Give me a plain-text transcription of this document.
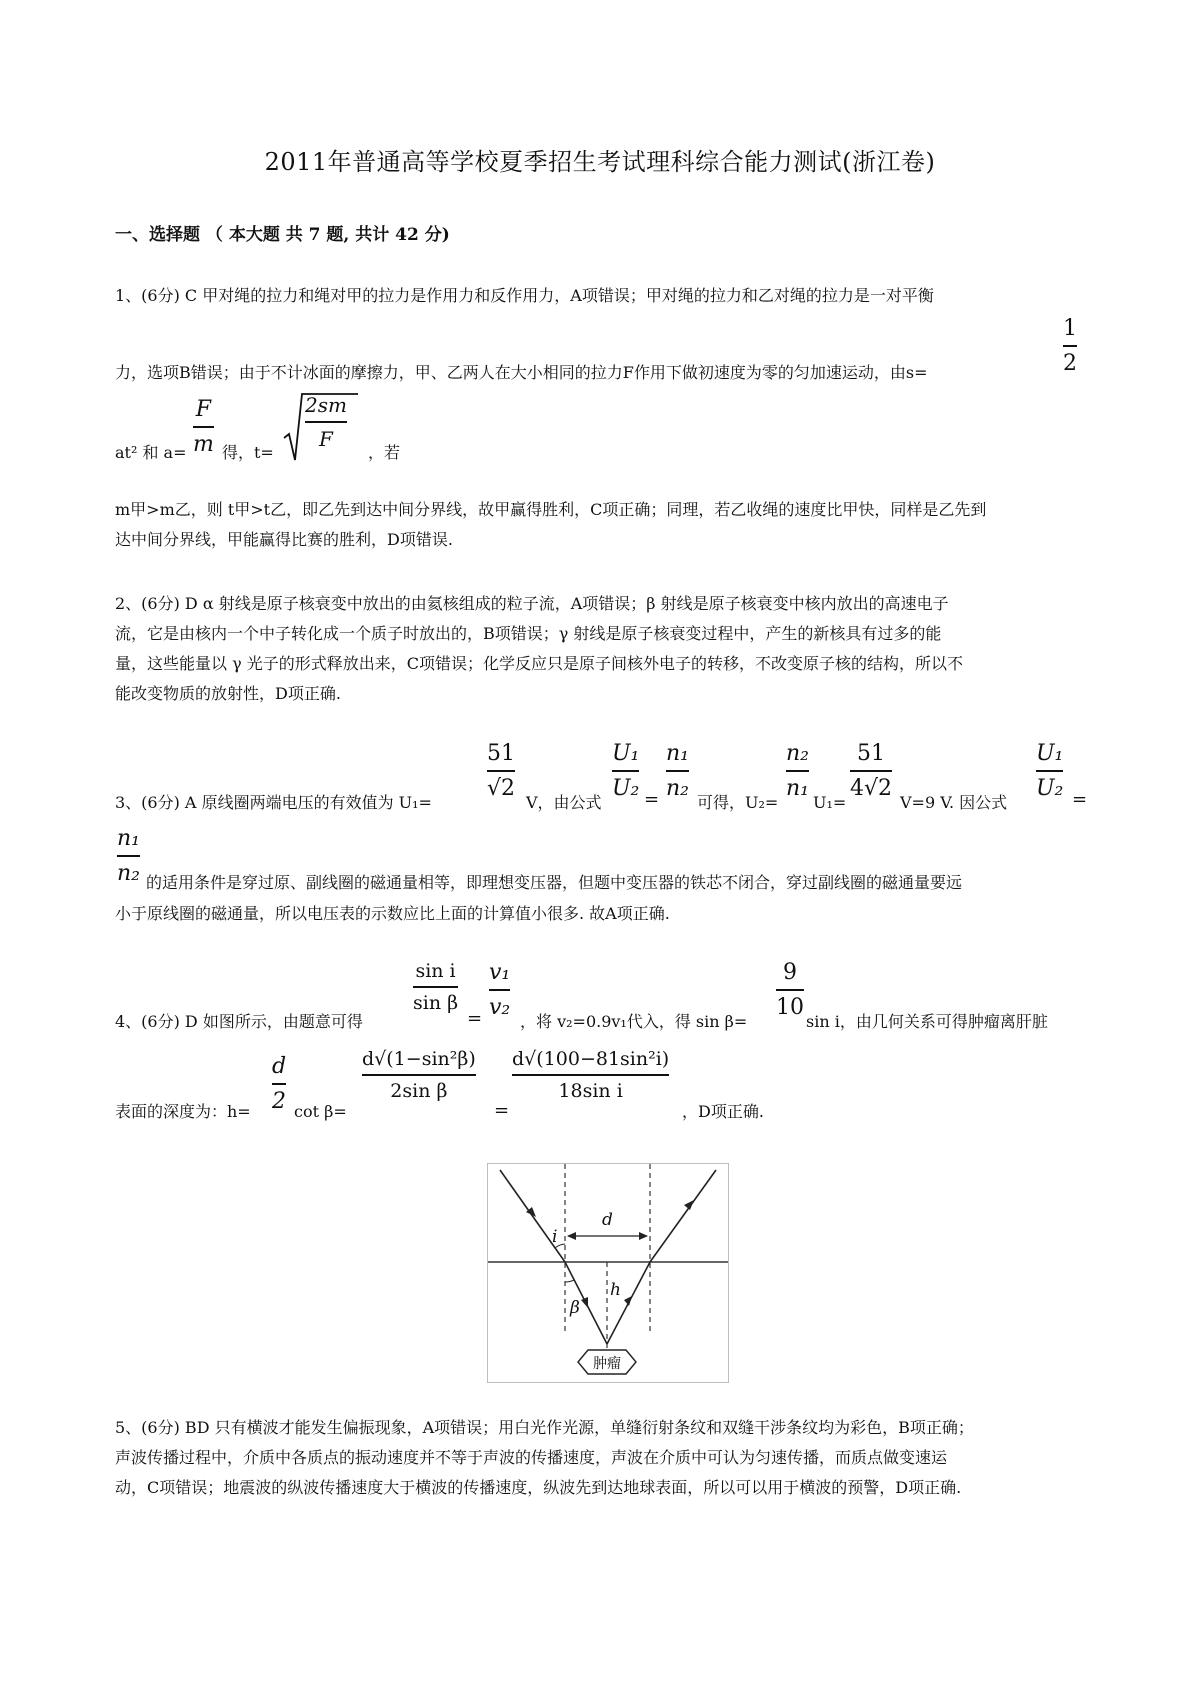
2011年普通高等学校夏季招生考试理科综合能力测试(浙江卷)
一、选择题 （ 本大题 共 7 题, 共计 42 分)
1、(6分) C 甲对绳的拉力和绳对甲的拉力是作用力和反作用力，A项错误；甲对绳的拉力和乙对绳的拉力是一对平衡
力，选项B错误；由于不计冰面的摩擦力，甲、乙两人在大小相同的拉力F作用下做初速度为零的匀加速运动，由s=
1
2
at² 和 a=
F
m 得，t=
2sm
F
，若
m甲>m乙，则 t甲>t乙，即乙先到达中间分界线，故甲赢得胜利，C项正确；同理，若乙收绳的速度比甲快，同样是乙先到
达中间分界线，甲能赢得比赛的胜利，D项错误.
2、(6分) D α 射线是原子核衰变中放出的由氦核组成的粒子流，A项错误；β 射线是原子核衰变中核内放出的高速电子
流，它是由核内一个中子转化成一个质子时放出的，B项错误；γ 射线是原子核衰变过程中，产生的新核具有过多的能
量，这些能量以 γ 光子的形式释放出来，C项错误；化学反应只是原子间核外电子的转移，不改变原子核的结构，所以不
能改变物质的放射性，D项正确.
3、(6分) A 原线圈两端电压的有效值为 U₁=
51
√2
V，由公式
U₁
U₂ =
n₁
n₂
可得，U₂=
n₂
n₁
U₁=
51
4√2
V=9 V. 因公式
U₁
U₂ =
n₁
n₂ 的适用条件是穿过原、副线圈的磁通量相等，即理想变压器，但题中变压器的铁芯不闭合，穿过副线圈的磁通量要远
小于原线圈的磁通量，所以电压表的示数应比上面的计算值小很多. 故A项正确.
4、(6分) D 如图所示，由题意可得
sin i
sin β
=
v₁
v₂
，将 v₂=0.9v₁代入，得 sin β=
9
10
sin i，由几何关系可得肿瘤离肝脏
表面的深度为：h=
d
2 cot β=
d√(1−sin²β)
2sin β
=
d√(100−81sin²i)
18sin i
，D项正确.
i
d
h
β
肿瘤
5、(6分) BD 只有横波才能发生偏振现象，A项错误；用白光作光源，单缝衍射条纹和双缝干涉条纹均为彩色，B项正确；
声波传播过程中，介质中各质点的振动速度并不等于声波的传播速度，声波在介质中可认为匀速传播，而质点做变速运
动，C项错误；地震波的纵波传播速度大于横波的传播速度，纵波先到达地球表面，所以可以用于横波的预警，D项正确.
